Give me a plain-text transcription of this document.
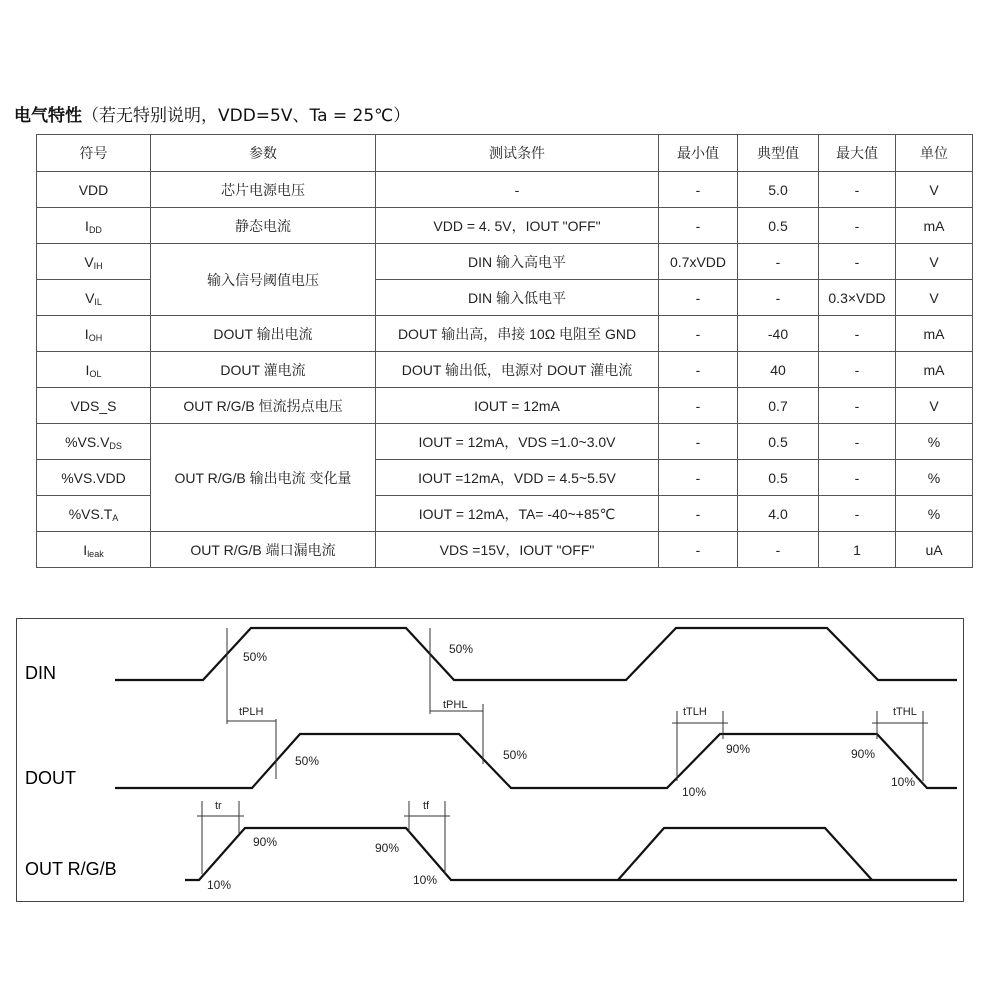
电气特性（若无特别说明，VDD=5V、Ta = 25℃）
符号	参数	测试条件	最小值	典型值	最大值	单位
VDD	芯片电源电压	-	-	5.0	-	V
$I_{DD}$	静态电流	VDD = 4. 5V，IOUT "OFF"	-	0.5	-	mA
$V_{IH}$	输入信号阈值电压	DIN 输入高电平	0.7xVDD	-	-	V
$V_{IL}$		DIN 输入低电平	-	-	0.3×VDD	V
$I_{OH}$	DOUT 输出电流	DOUT 输出高，串接 10Ω 电阻至 GND	-	-40	-	mA
$I_{OL}$	DOUT 灌电流	DOUT 输出低，电源对 DOUT 灌电流	-	40	-	mA
VDS_S	OUT R/G/B 恒流拐点电压	IOUT = 12mA	-	0.7	-	V
$\%VS.V_{DS}$	OUT R/G/B 输出电流 变化量	IOUT = 12mA，VDS =1.0~3.0V	-	0.5	-	%
%VS.VDD		IOUT =12mA，VDD = 4.5~5.5V	-	0.5	-	%
$\%VS.T_A$		IOUT = 12mA，TA= -40~+85℃	-	4.0	-	%
$I_{leak}$	OUT R/G/B 端口漏电流	VDS =15V，IOUT "OFF"	-	-	1	uA
DIN
DOUT
OUT R/G/B
50%
50%
50%	50%	90%	90%
10%
10%
90%	90%
10%	10%
tPLH
tPHL
tTLH	tTHL
tr	tf
